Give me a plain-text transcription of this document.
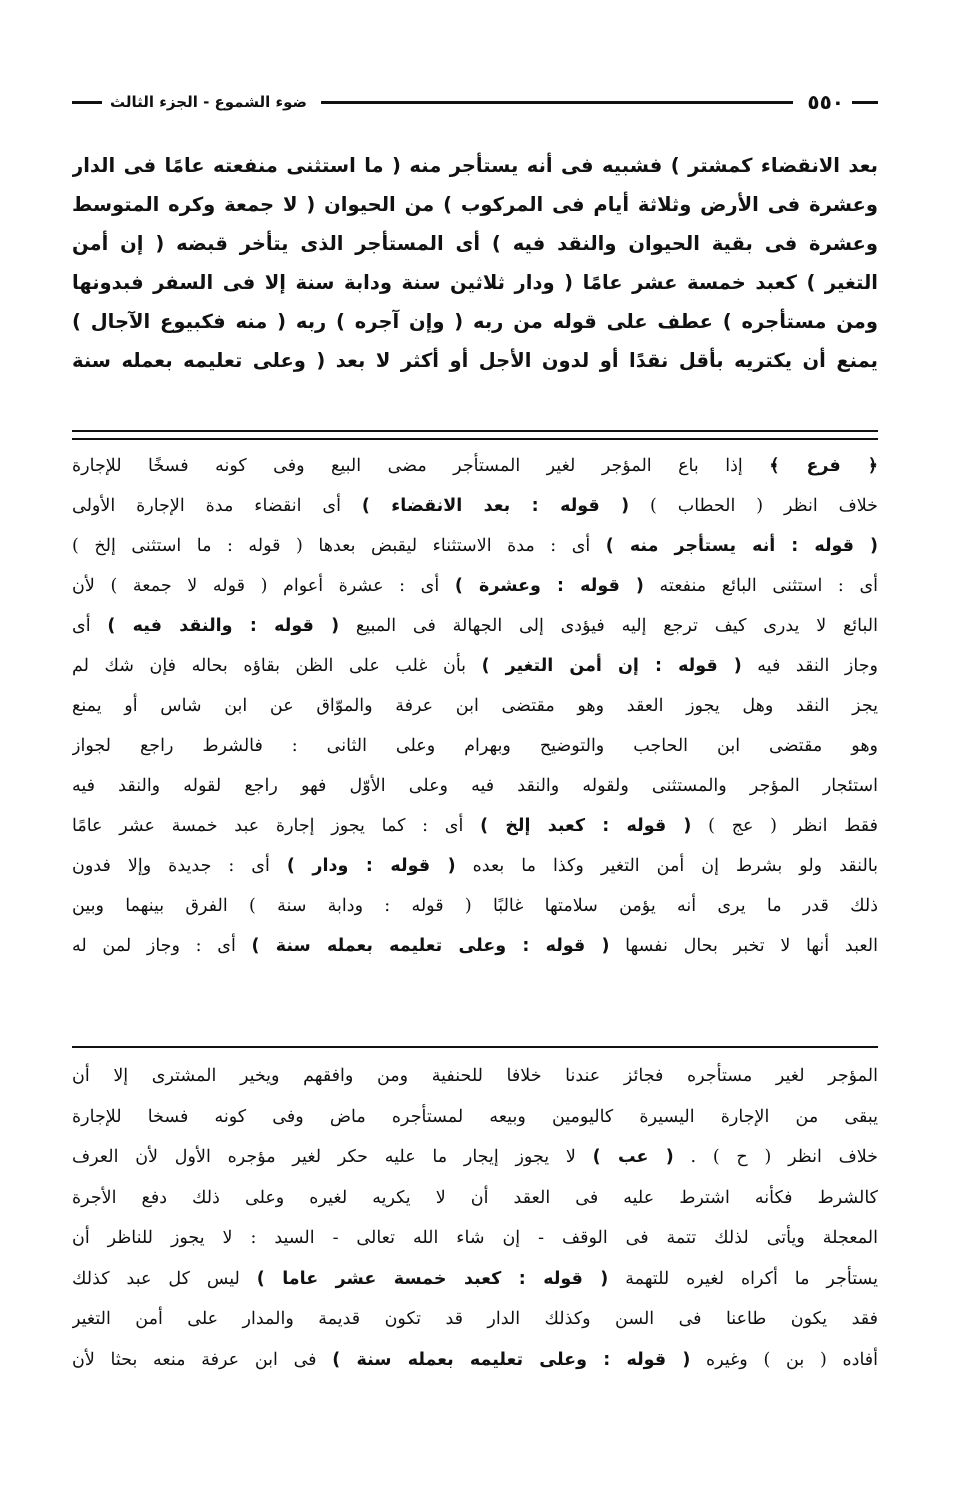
٥٥٠
ضوء الشموع - الجزء الثالث
بعد الانقضاء كمشتر ) فشبيه فى أنه يستأجر منه ( ما استثنى منفعته عامًا فى الدار
وعشرة فى الأرض وثلاثة أيام فى المركوب ) من الحيوان ( لا جمعة وكره المتوسط
وعشرة فى بقية الحيوان والنقد فيه ) أى المستأجر الذى يتأخر قبضه ( إن أمن
التغير ) كعبد خمسة عشر عامًا ( ودار ثلاثين سنة ودابة سنة إلا فى السفر فبدونها
ومن مستأجره ) عطف على قوله من ربه ( وإن آجره ) ربه ( منه فكبيوع الآجال )
يمنع أن يكتريه بأقل نقدًا أو لدون الأجل أو أكثر لا بعد ( وعلى تعليمه بعمله سنة
﴿ فرع ﴾ إذا باع المؤجر لغير المستأجر مضى البيع وفى كونه فسخًا للإجارة
خلاف انظر ( الحطاب ) ( قوله : بعد الانقضاء ) أى انقضاء مدة الإجارة الأولى
( قوله : أنه يستأجر منه ) أى : مدة الاستثناء ليقبض بعدها ( قوله : ما استثنى إلخ )
أى : استثنى البائع منفعته ( قوله : وعشرة ) أى : عشرة أعوام ( قوله لا جمعة ) لأن
البائع لا يدرى كيف ترجع إليه فيؤدى إلى الجهالة فى المبيع ( قوله : والنقد فيه ) أى
وجاز النقد فيه ( قوله : إن أمن التغير ) بأن غلب على الظن بقاؤه بحاله فإن شك لم
يجز النقد وهل يجوز العقد وهو مقتضى ابن عرفة والموّاق عن ابن شاس أو يمنع
وهو مقتضى ابن الحاجب والتوضيح وبهرام وعلى الثانى : فالشرط راجع لجواز
استئجار المؤجر والمستثنى ولقوله والنقد فيه وعلى الأوّل فهو راجع لقوله والنقد فيه
فقط انظر ( عج ) ( قوله : كعبد إلخ ) أى : كما يجوز إجارة عبد خمسة عشر عامًا
بالنقد ولو بشرط إن أمن التغير وكذا ما بعده ( قوله : ودار ) أى : جديدة وإلا فدون
ذلك قدر ما يرى أنه يؤمن سلامتها غالبًا ( قوله : ودابة سنة ) الفرق بينهما وبين
العبد أنها لا تخبر بحال نفسها ( قوله : وعلى تعليمه بعمله سنة ) أى : وجاز لمن له
المؤجر لغير مستأجره فجائز عندنا خلافا للحنفية ومن وافقهم ويخير المشترى إلا أن
يبقى من الإجارة اليسيرة كاليومين وبيعه لمستأجره ماض وفى كونه فسخا للإجارة
خلاف انظر ( ح ) . ( عب ) لا يجوز إيجار ما عليه حكر لغير مؤجره الأول لأن العرف
كالشرط فكأنه اشترط عليه فى العقد أن لا يكريه لغيره وعلى ذلك دفع الأجرة
المعجلة ويأتى لذلك تتمة فى الوقف - إن شاء الله تعالى - السيد : لا يجوز للناظر أن
يستأجر ما أكراه لغيره للتهمة ( قوله : كعبد خمسة عشر عاما ) ليس كل عبد كذلك
فقد يكون طاعنا فى السن وكذلك الدار قد تكون قديمة والمدار على أمن التغير
أفاده ( بن ) وغيره ( قوله : وعلى تعليمه بعمله سنة ) فى ابن عرفة منعه بحثا لأن
